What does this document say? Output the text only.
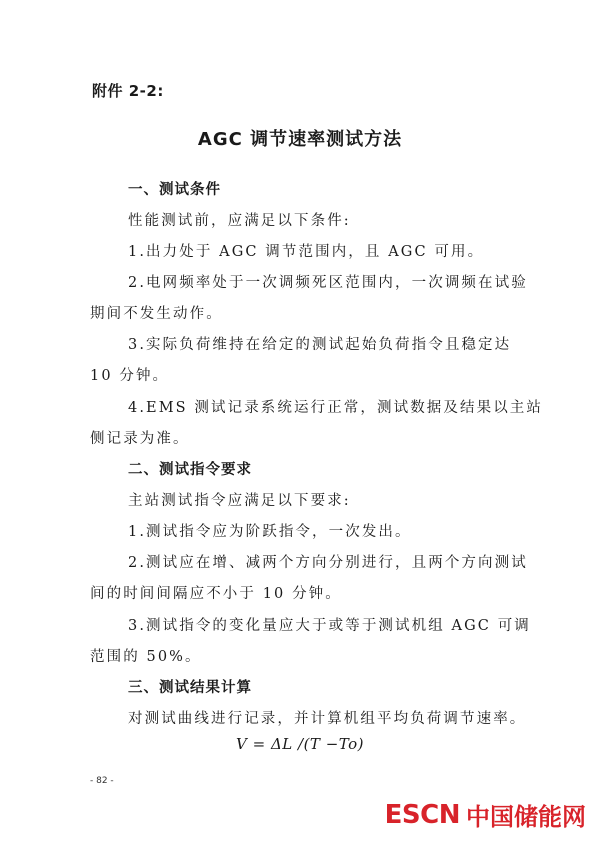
附件 2-2:
AGC 调节速率测试方法
一、测试条件
性能测试前，应满足以下条件:
1.出力处于 AGC 调节范围内，且 AGC 可用。
2.电网频率处于一次调频死区范围内，一次调频在试验
期间不发生动作。
3.实际负荷维持在给定的测试起始负荷指令且稳定达
10 分钟。
4.EMS 测试记录系统运行正常，测试数据及结果以主站
侧记录为准。
二、测试指令要求
主站测试指令应满足以下要求:
1.测试指令应为阶跃指令，一次发出。
2.测试应在增、减两个方向分别进行，且两个方向测试
间的时间间隔应不小于 10 分钟。
3.测试指令的变化量应大于或等于测试机组 AGC 可调
范围的 50%。
三、测试结果计算
对测试曲线进行记录，并计算机组平均负荷调节速率。
V = ΔL /(T −To)
- 82 -
ESCN 中国储能网
